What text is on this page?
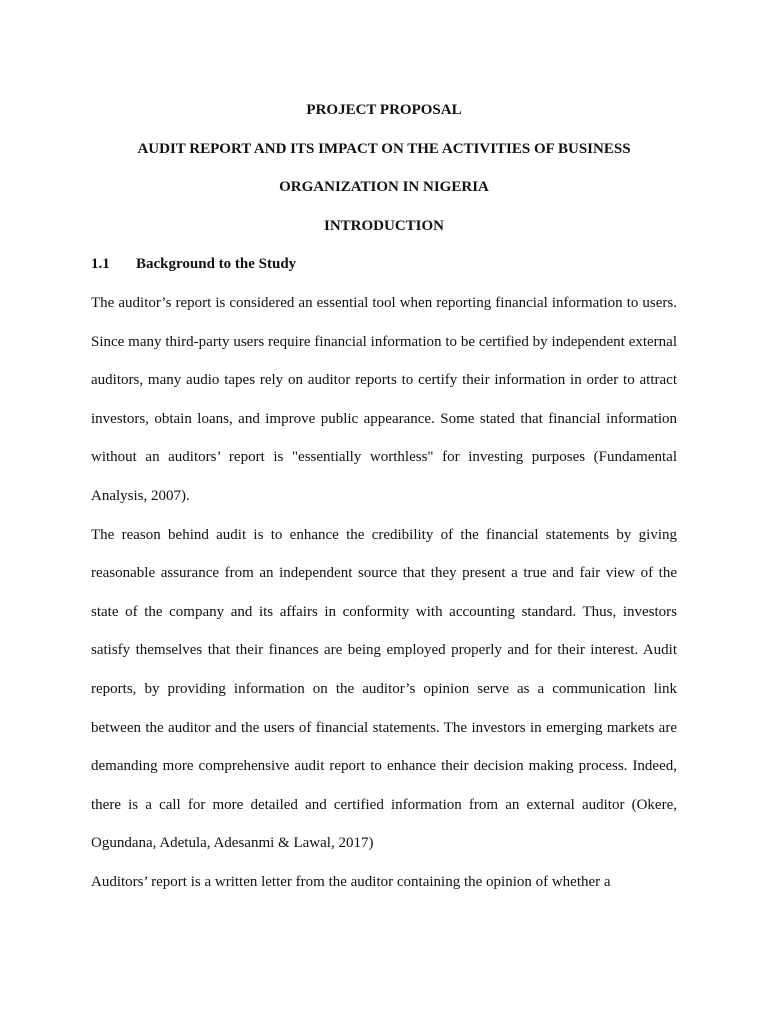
PROJECT PROPOSAL

AUDIT REPORT AND ITS IMPACT ON THE ACTIVITIES OF BUSINESS

ORGANIZATION IN NIGERIA

INTRODUCTION

1.1 Background to the Study

The auditor’s report is considered an essential tool when reporting financial information to users. Since many third-party users require financial information to be certified by independent external auditors, many audio tapes rely on auditor reports to certify their information in order to attract investors, obtain loans, and improve public appearance. Some stated that financial information without an auditors’ report is "essentially worthless" for investing purposes (Fundamental Analysis, 2007).

The reason behind audit is to enhance the credibility of the financial statements by giving reasonable assurance from an independent source that they present a true and fair view of the state of the company and its affairs in conformity with accounting standard. Thus, investors satisfy themselves that their finances are being employed properly and for their interest. Audit reports, by providing information on the auditor’s opinion serve as a communication link between the auditor and the users of financial statements. The investors in emerging markets are demanding more comprehensive audit report to enhance their decision making process. Indeed, there is a call for more detailed and certified information from an external auditor (Okere, Ogundana, Adetula, Adesanmi & Lawal, 2017)

Auditors’ report is a written letter from the auditor containing the opinion of whether a
